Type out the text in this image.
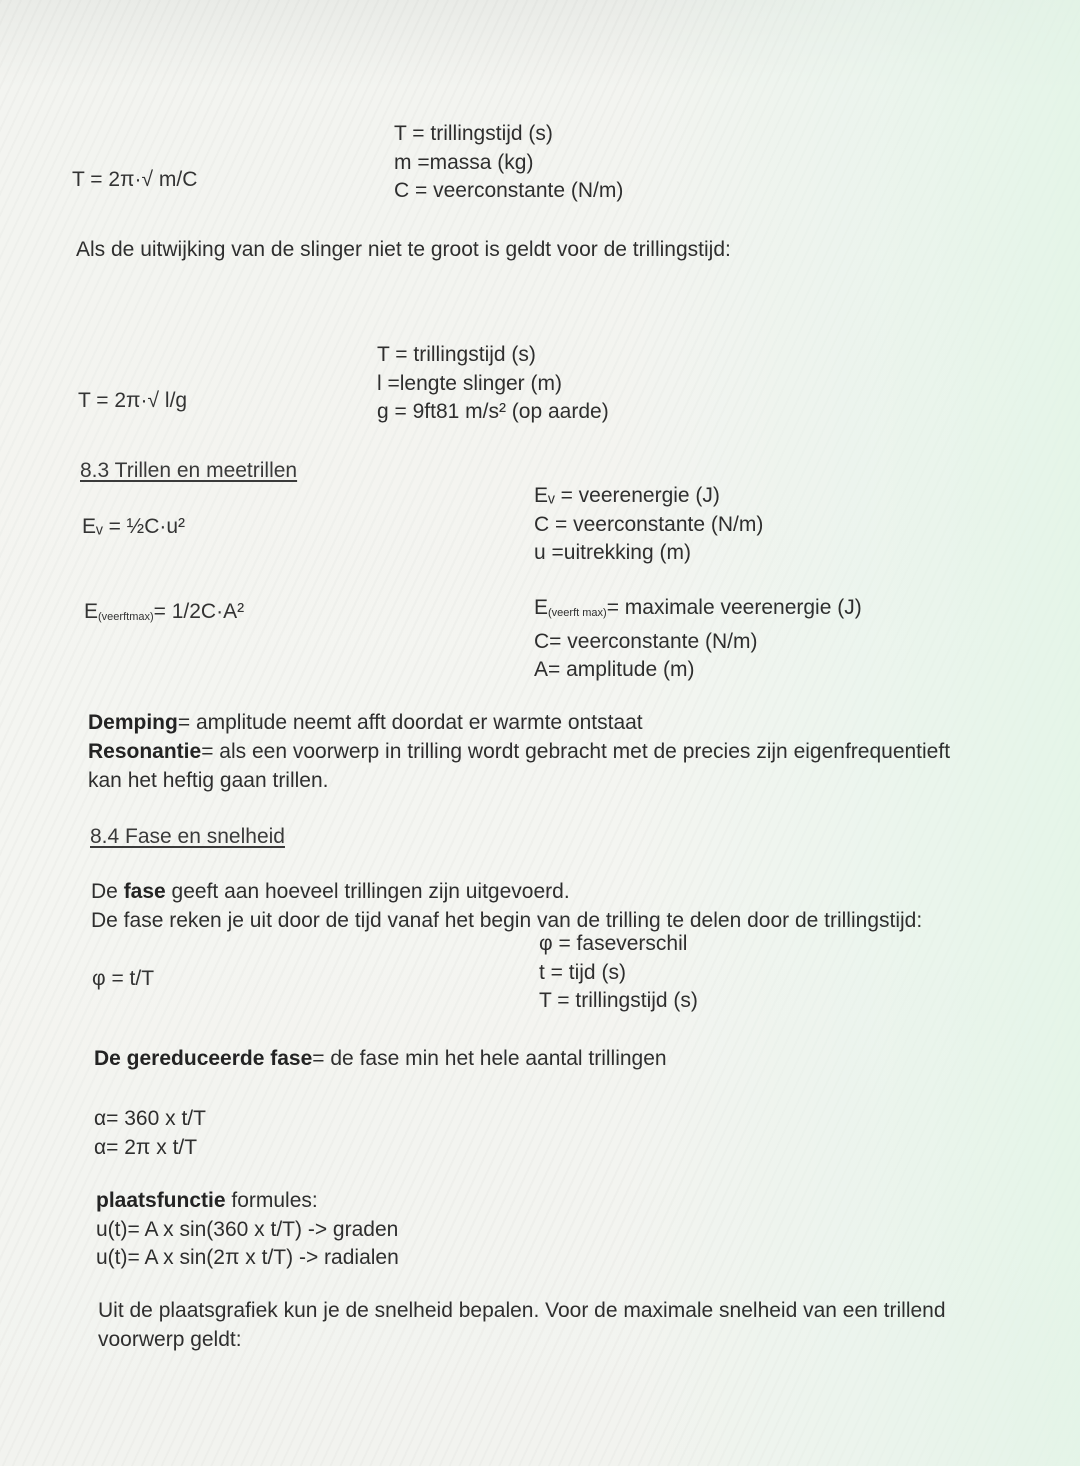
T = 2π·√ m/C
T = trillingstijd (s)
m =massa (kg)
C = veerconstante (N/m)
Als de uitwijking van de slinger niet te groot is geldt voor de trillingstijd:
T = 2π·√ l/g
T = trillingstijd (s)
l =lengte slinger (m)
g = 9ft81 m/s² (op aarde)
8.3 Trillen en meetrillen
Eᵥ = ½C·u²
Eᵥ = veerenergie (J)
C = veerconstante (N/m)
u =uitrekking (m)
$E_{(veerftmax)}= 1/2C\cdot A^2$	$E_{(veerft max)}=$ maximale veerenergie (J)
C= veerconstante (N/m)
A= amplitude (m)
Demping= amplitude neemt afft doordat er warmte ontstaat
Resonantie= als een voorwerp in trilling wordt gebracht met de precies zijn eigenfrequentieft
kan het heftig gaan trillen.
8.4 Fase en snelheid
De fase geeft aan hoeveel trillingen zijn uitgevoerd.
De fase reken je uit door de tijd vanaf het begin van de trilling te delen door de trillingstijd:
φ = t/T
φ = faseverschil
t = tijd (s)
T = trillingstijd (s)
De gereduceerde fase= de fase min het hele aantal trillingen
α= 360 x t/T
α= 2π x t/T
plaatsfunctie formules:
u(t)= A x sin(360 x t/T) -> graden
u(t)= A x sin(2π x t/T) -> radialen
Uit de plaatsgrafiek kun je de snelheid bepalen. Voor de maximale snelheid van een trillend
voorwerp geldt:
